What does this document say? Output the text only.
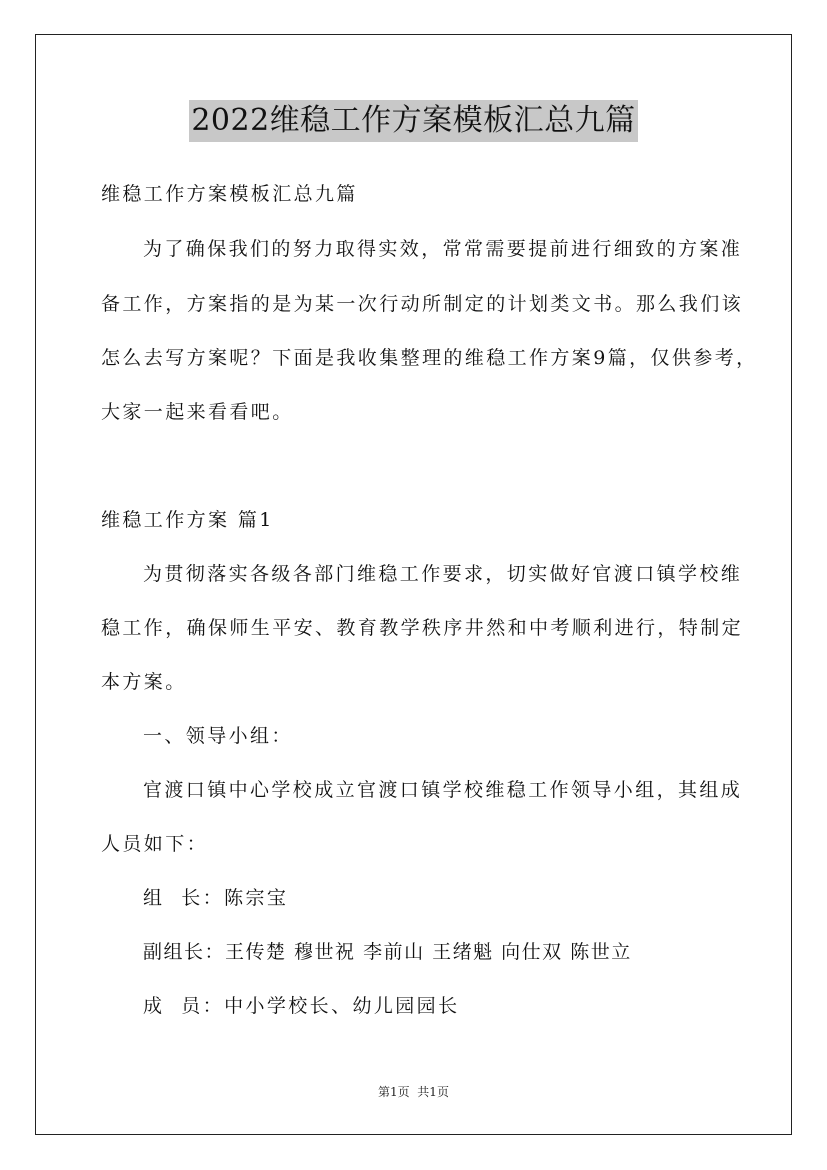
2022维稳工作方案模板汇总九篇
维稳工作方案模板汇总九篇
为了确保我们的努力取得实效，常常需要提前进行细致的方案准
备工作，方案指的是为某一次行动所制定的计划类文书。那么我们该
怎么去写方案呢？下面是我收集整理的维稳工作方案9篇，仅供参考，
大家一起来看看吧。
维稳工作方案 篇1
为贯彻落实各级各部门维稳工作要求，切实做好官渡口镇学校维
稳工作，确保师生平安、教育教学秩序井然和中考顺利进行，特制定
本方案。
一、领导小组：
官渡口镇中心学校成立官渡口镇学校维稳工作领导小组，其组成
人员如下：
组  长：陈宗宝
副组长：王传楚 穆世祝 李前山 王绪魁 向仕双 陈世立
成  员：中小学校长、幼儿园园长
第1页  共1页
